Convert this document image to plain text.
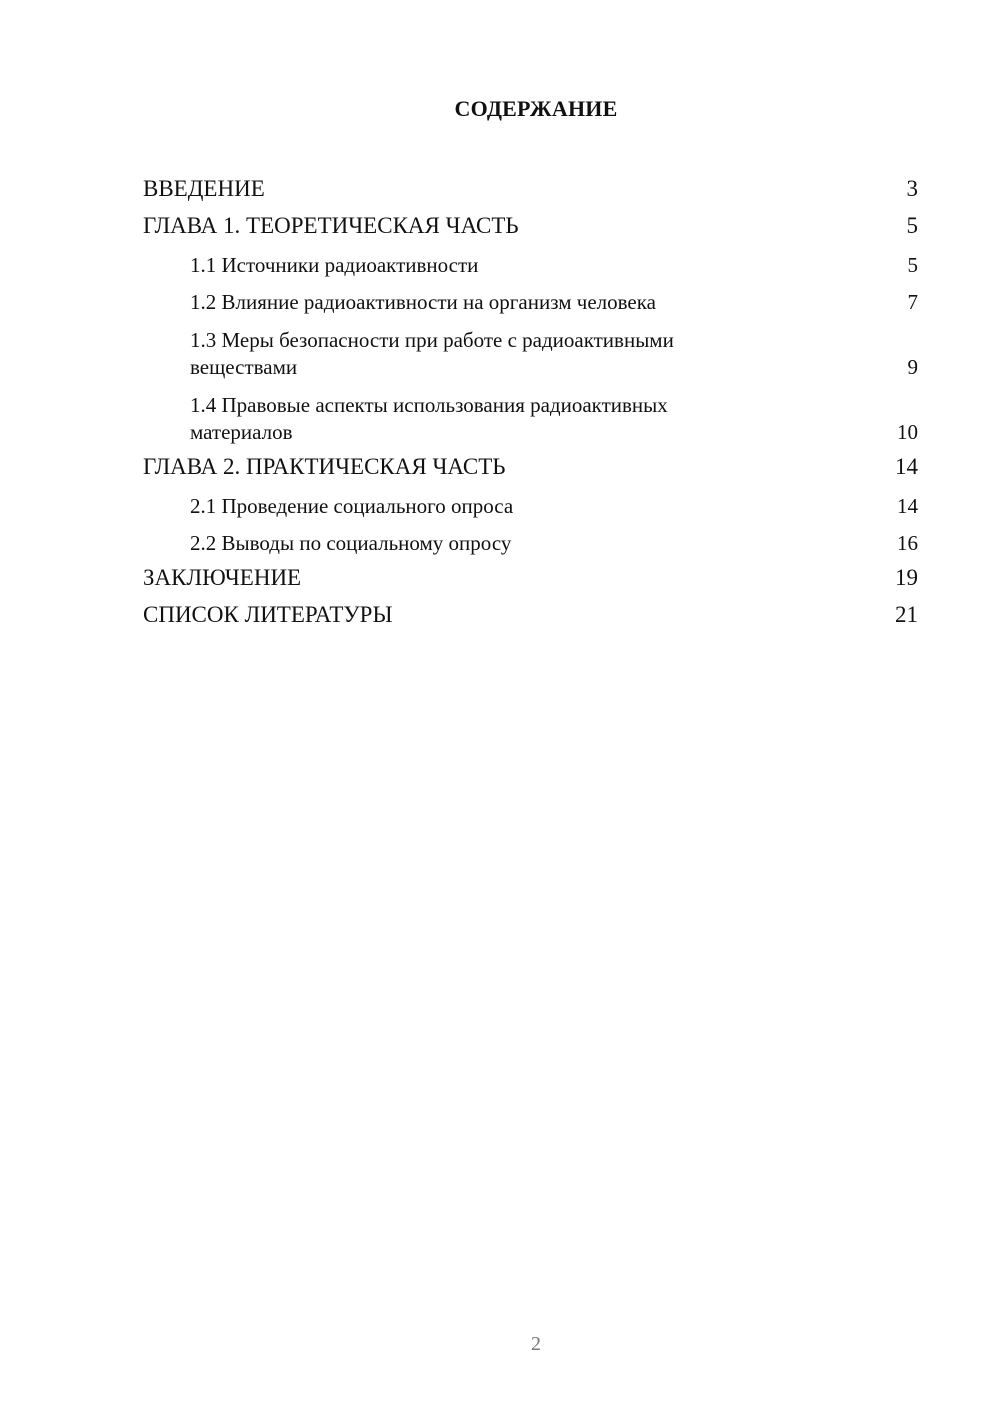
СОДЕРЖАНИЕ
ВВЕДЕНИЕ	3
ГЛАВА 1. ТЕОРЕТИЧЕСКАЯ ЧАСТЬ	5
1.1 Источники радиоактивности	5
1.2 Влияние радиоактивности на организм человека	7
1.3 Меры безопасности при работе с радиоактивными веществами	9
1.4 Правовые аспекты использования радиоактивных материалов	10
ГЛАВА 2. ПРАКТИЧЕСКАЯ ЧАСТЬ	14
2.1 Проведение социального опроса	14
2.2 Выводы по социальному опросу	16
ЗАКЛЮЧЕНИЕ	19
СПИСОК ЛИТЕРАТУРЫ	21
2
